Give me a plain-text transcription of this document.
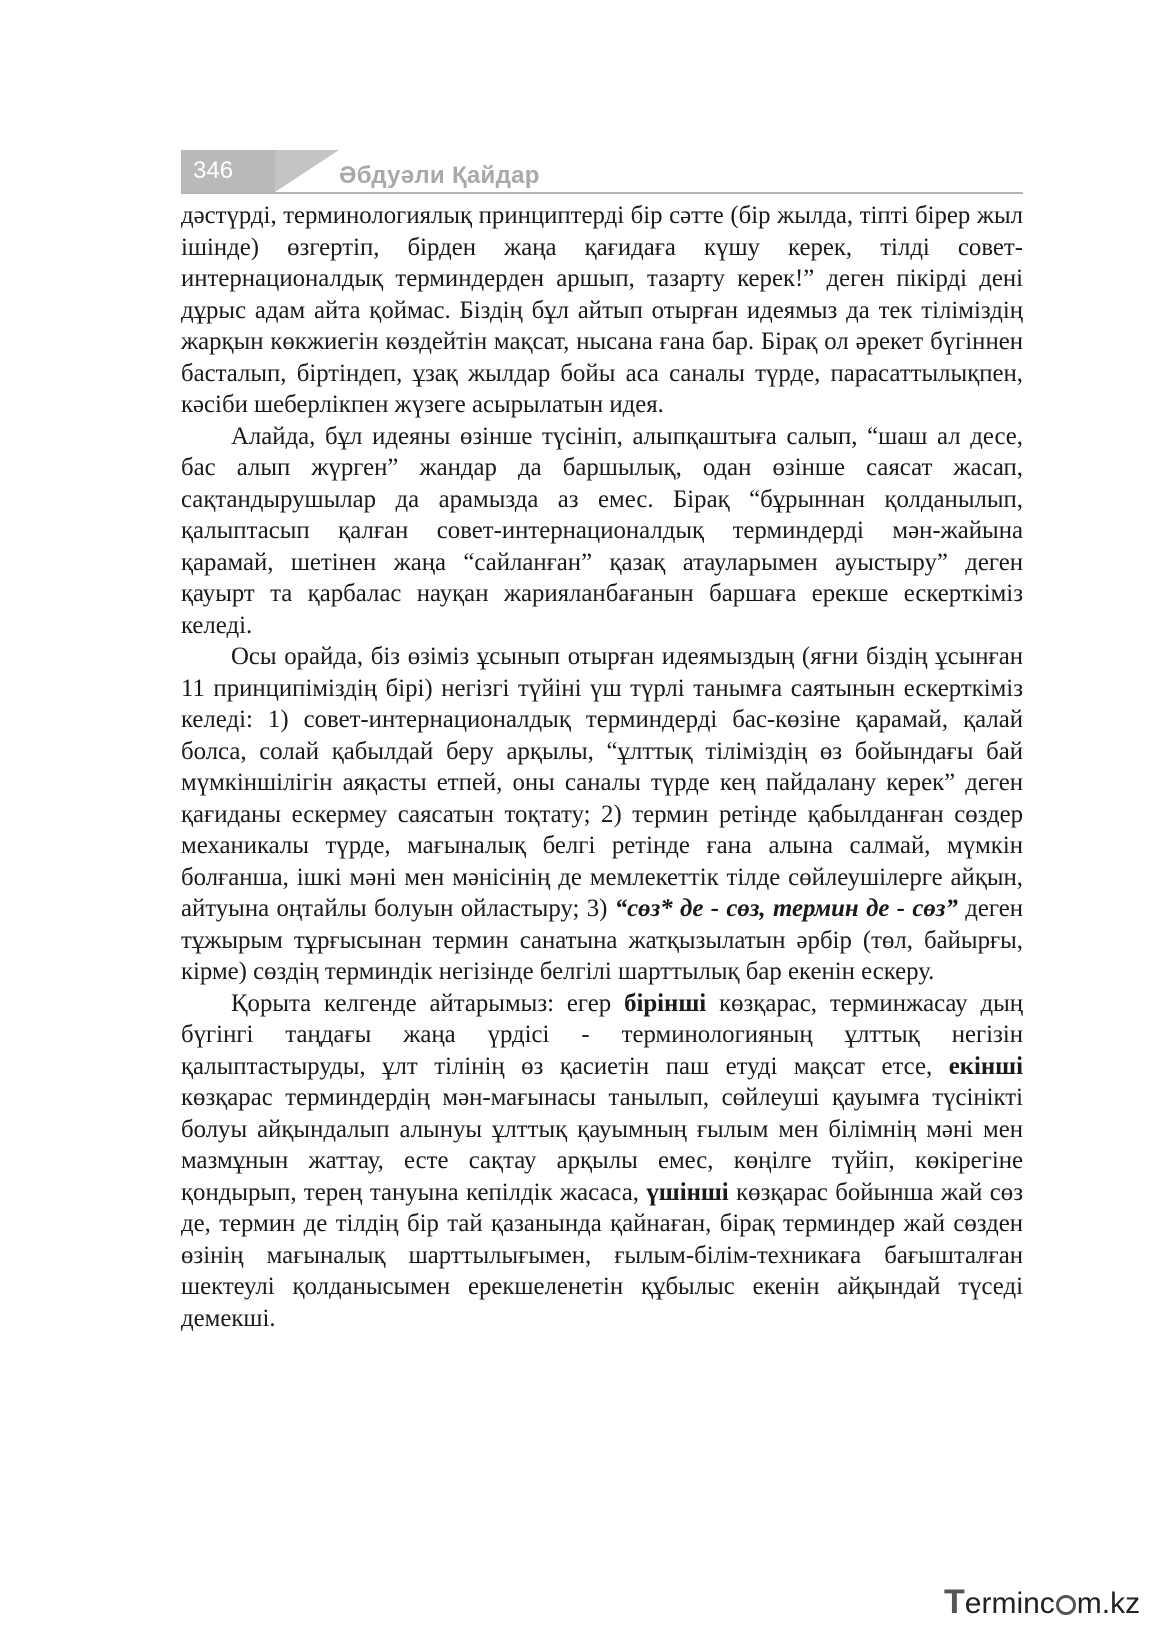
346	Әбдуәли Қайдар

дәстүрді, терминологиялық принциптерді бір сәтте (бір жылда, тіпті бірер жыл ішінде) өзгертіп, бірден жаңа қағидаға күшу керек, тілді совет-интернационалдық терминдерден аршып, тазарту керек!” деген пікірді дені дұрыс адам айта қоймас. Біздің бұл айтып отырған идеямыз да тек тіліміздің жарқын көкжиегін көздейтін мақсат, нысана ғана бар. Бірақ ол әрекет бүгіннен басталып, біртіндеп, ұзақ жылдар бойы аса саналы түрде, парасаттылықпен, кәсіби шеберлікпен жүзеге асырылатын идея.

Алайда, бұл идеяны өзінше түсініп, алыпқаштыға салып, “шаш ал десе, бас алып жүрген” жандар да баршылық, одан өзінше саясат жасап, сақтандырушылар да арамызда аз емес. Бірақ “бұрыннан қолданылып, қалыптасып қалған совет-интернационалдық терминдерді мән-жайына қарамай, шетінен жаңа “сайланған” қазақ атауларымен ауыстыру” деген қауырт та қарбалас науқан жарияланбағанын баршаға ерекше ескерткіміз келеді.

Осы орайда, біз өзіміз ұсынып отырған идеямыздың (яғни біздің ұсынған 11 принципіміздің бірі) негізгі түйіні үш түрлі танымға саятынын ескерткіміз келеді: 1) совет-интернационалдық терминдерді бас-көзіне қарамай, қалай болса, солай қабылдай беру арқылы, “ұлттық тіліміздің өз бойындағы бай мүмкіншілігін аяқасты етпей, оны саналы түрде кең пайдалану керек” деген қағиданы ескермеу саясатын тоқтату; 2) термин ретінде қабылданған сөздер механикалы түрде, мағыналық белгі ретінде ғана алына салмай, мүмкін болғанша, ішкі мәні мен мәнісінің де мемлекеттік тілде сөйлеушілерге айқын, айтуына оңтайлы болуын ойластыру; 3) “сөз* де - сөз, термин де - сөз” деген тұжырым тұрғысынан термин санатына жатқызылатын әрбір (төл, байырғы, кірме) сөздің терминдік негізінде белгілі шарттылық бар екенін ескеру.

Қорыта келгенде айтарымыз: егер бірінші көзқарас, терминжасау дың бүгінгі таңдағы жаңа үрдісі - терминологияның ұлттық негізін қалыптастыруды, ұлт тілінің өз қасиетін паш етуді мақсат етсе, екінші көзқарас терминдердің мән-мағынасы танылып, сөйлеуші қауымға түсінікті болуы айқындалып алынуы ұлттық қауымның ғылым мен білімнің мәні мен мазмұнын жаттау, есте сақтау арқылы емес, көңілге түйіп, көкірегіне қондырып, терең тануына кепілдік жасаса, үшінші көзқарас бойынша жай сөз де, термин де тілдің бір тай қазанында қайнаған, бірақ терминдер жай сөзден өзінің мағыналық шарттылығымен, ғылым-білім-техникаға бағышталған шектеулі қолданысымен ерекшеленетін құбылыс екенін айқындай түседі демекші.

Terminc m.kz
